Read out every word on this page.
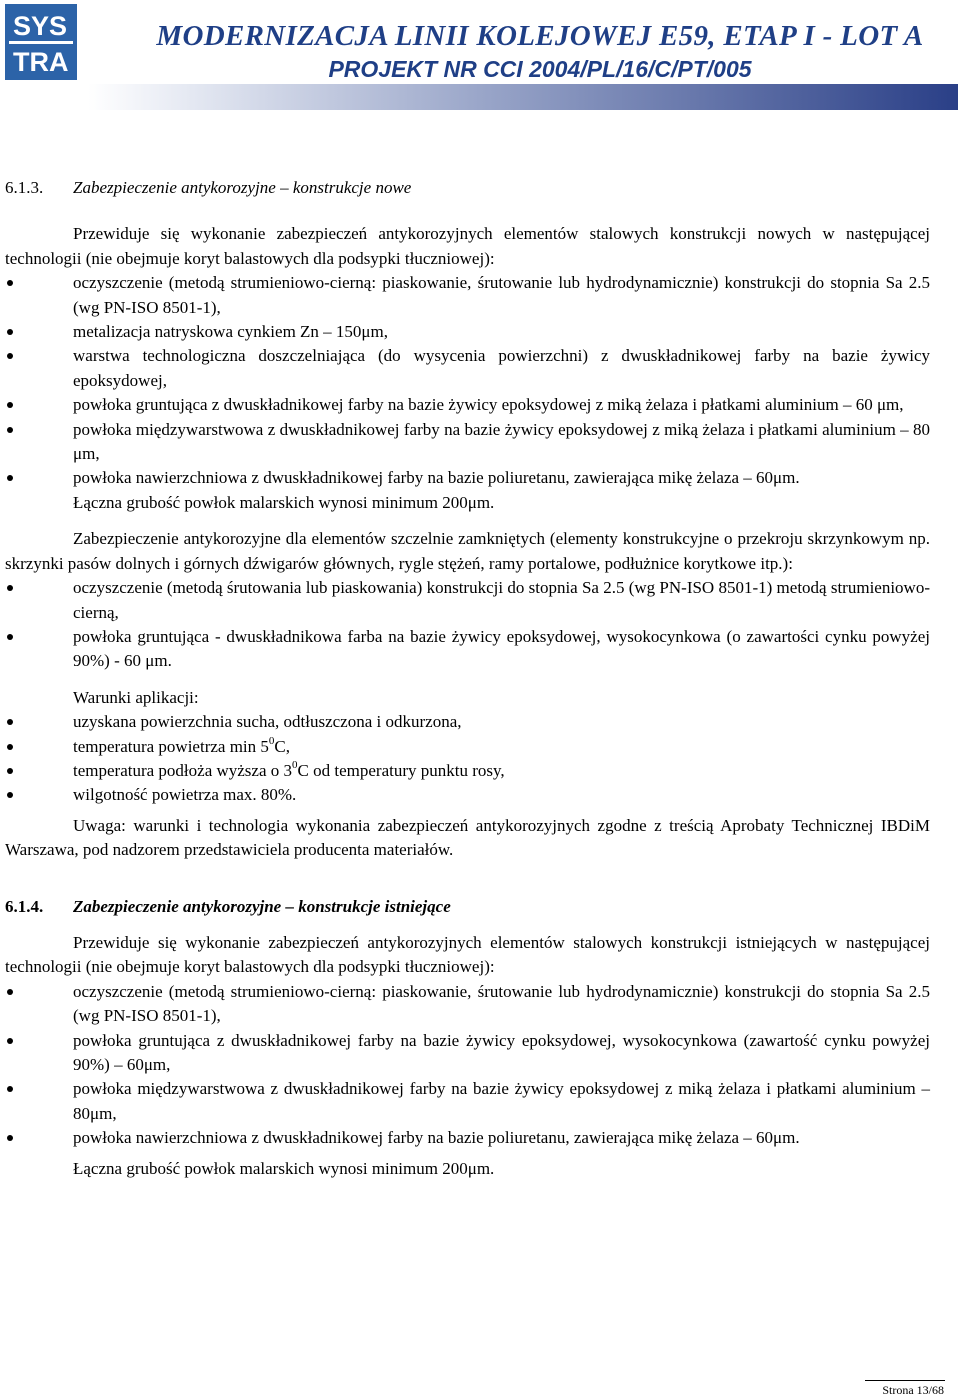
SYS
TRA
MODERNIZACJA LINII KOLEJOWEJ E59, ETAP I - LOT A
PROJEKT NR CCI 2004/PL/16/C/PT/005
6.1.3.	Zabezpieczenie antykorozyjne – konstrukcje nowe

Przewiduje się wykonanie zabezpieczeń antykorozyjnych elementów stalowych konstrukcji nowych w następującej technologii (nie obejmuje koryt balastowych dla podsypki tłuczniowej):

oczyszczenie (metodą strumieniowo-cierną: piaskowanie, śrutowanie lub hydrodynamicznie) konstrukcji do stopnia Sa 2.5 (wg PN-ISO 8501-1),
metalizacja natryskowa cynkiem Zn – 150μm,
warstwa technologiczna doszczelniająca (do wysycenia powierzchni) z dwuskładnikowej farby na bazie żywicy epoksydowej,
powłoka gruntująca z dwuskładnikowej farby na bazie żywicy epoksydowej z miką żelaza i płatkami aluminium – 60 μm,
powłoka międzywarstwowa z dwuskładnikowej farby na bazie żywicy epoksydowej z miką żelaza i płatkami aluminium – 80 μm,
powłoka nawierzchniowa z dwuskładnikowej farby na bazie poliuretanu, zawierająca mikę żelaza – 60μm.
Łączna grubość powłok malarskich wynosi minimum 200μm.

Zabezpieczenie antykorozyjne dla elementów szczelnie zamkniętych (elementy konstrukcyjne o przekroju skrzynkowym np. skrzynki pasów dolnych i górnych dźwigarów głównych, rygle stężeń, ramy portalowe, podłużnice korytkowe itp.):

oczyszczenie (metodą śrutowania lub piaskowania) konstrukcji do stopnia Sa 2.5 (wg PN-ISO 8501-1) metodą strumieniowo-cierną,
powłoka gruntująca - dwuskładnikowa farba na bazie żywicy epoksydowej, wysokocynkowa (o zawartości cynku powyżej 90%) - 60 μm.
Warunki aplikacji:
uzyskana powierzchnia sucha, odtłuszczona i odkurzona,
temperatura powietrza $\min 5^0C$,
temperatura podłoża wyższa o $3^0C$ od temperatury punktu rosy,
wilgotność powietrza max. 80%.

Uwaga: warunki i technologia wykonania zabezpieczeń antykorozyjnych zgodne z treścią Aprobaty Technicznej IBDiM Warszawa, pod nadzorem przedstawiciela producenta materiałów.

6.1.4.	Zabezpieczenie antykorozyjne – konstrukcje istniejące

Przewiduje się wykonanie zabezpieczeń antykorozyjnych elementów stalowych konstrukcji istniejących w następującej technologii (nie obejmuje koryt balastowych dla podsypki tłuczniowej):

oczyszczenie (metodą strumieniowo-cierną: piaskowanie, śrutowanie lub hydrodynamicznie) konstrukcji do stopnia Sa 2.5 (wg PN-ISO 8501-1),
powłoka gruntująca z dwuskładnikowej farby na bazie żywicy epoksydowej, wysokocynkowa (zawartość cynku powyżej 90%) – 60μm,
powłoka międzywarstwowa z dwuskładnikowej farby na bazie żywicy epoksydowej z miką żelaza i płatkami aluminium – 80μm,
powłoka nawierzchniowa z dwuskładnikowej farby na bazie poliuretanu, zawierająca mikę żelaza – 60μm.
Łączna grubość powłok malarskich wynosi minimum 200μm.
Strona 13/68
